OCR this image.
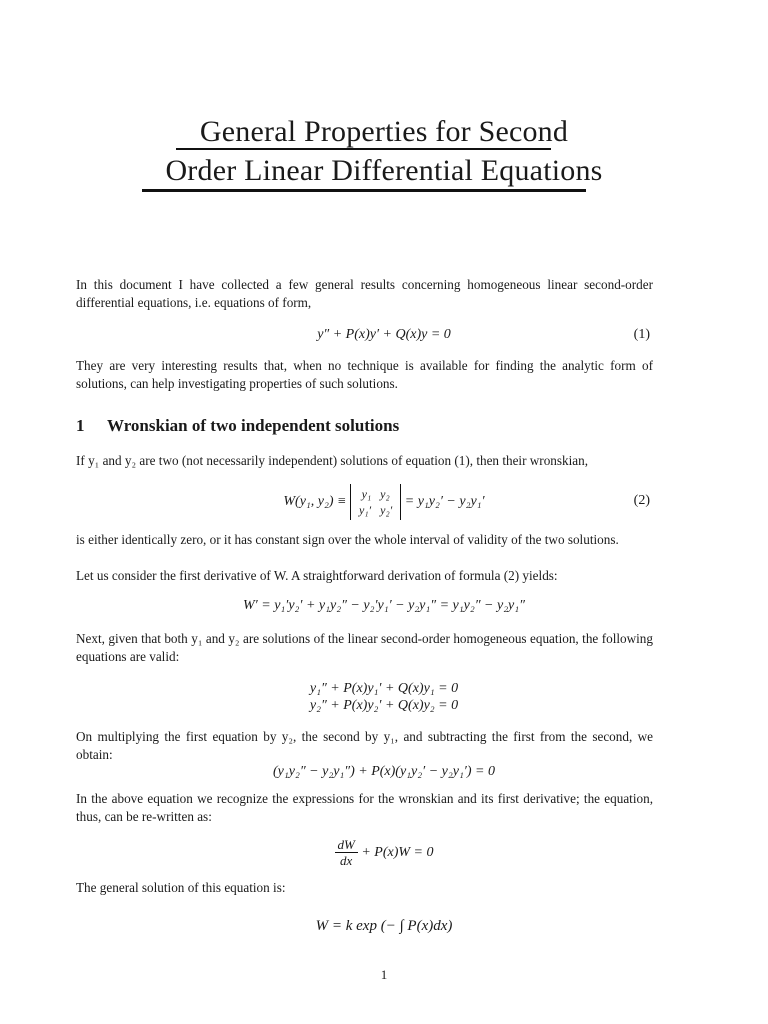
General Properties for Second
Order Linear Differential Equations
In this document I have collected a few general results concerning homogeneous linear second-order differential equations, i.e. equations of form,
y″ + P(x)y′ + Q(x)y = 0	(1)
They are very interesting results that, when no technique is available for finding the analytic form of solutions, can help investigating properties of such solutions.
1 Wronskian of two independent solutions
If y₁ and y₂ are two (not necessarily independent) solutions of equation (1), then their wronskian,
W(y₁, y₂) ≡
y₁   y₂
y₁′   y₂′
= y₁y₂′ − y₂y₁′	(2)
is either identically zero, or it has constant sign over the whole interval of validity of the two solutions.
Let us consider the first derivative of W. A straightforward derivation of formula (2) yields:
W′ = y₁′y₂′ + y₁y₂″ − y₂′y₁′ − y₂y₁″ = y₁y₂″ − y₂y₁″
Next, given that both y₁ and y₂ are solutions of the linear second-order homogeneous equation, the following equations are valid:
y₁″ + P(x)y₁′ + Q(x)y₁ = 0
y₂″ + P(x)y₂′ + Q(x)y₂ = 0
On multiplying the first equation by y₂, the second by y₁, and subtracting the first from the second, we obtain:
(y₁y₂″ − y₂y₁″) + P(x)(y₁y₂′ − y₂y₁′) = 0
In the above equation we recognize the expressions for the wronskian and its first derivative; the equation, thus, can be re-written as:
$\frac{dW}{dx} + P(x)W = 0$
The general solution of this equation is:
W = k exp (− ∫ P(x)dx)
1
